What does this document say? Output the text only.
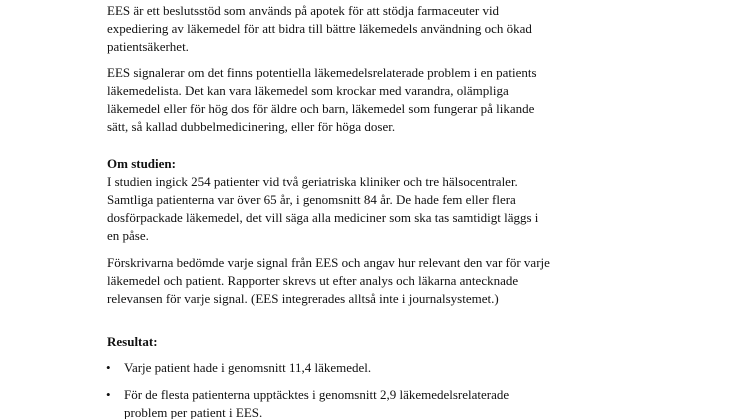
EES är ett beslutsstöd som används på apotek för att stödja farmaceuter vid
expediering av läkemedel för att bidra till bättre läkemedels användning och ökad
patientsäkerhet.
EES signalerar om det finns potentiella läkemedelsrelaterade problem i en patients
läkemedelista. Det kan vara läkemedel som krockar med varandra, olämpliga
läkemedel eller för hög dos för äldre och barn, läkemedel som fungerar på likande
sätt, så kallad dubbelmedicinering, eller för höga doser.
Om studien:
I studien ingick 254 patienter vid två geriatriska kliniker och tre hälsocentraler.
Samtliga patienterna var över 65 år, i genomsnitt 84 år. De hade fem eller flera
dosförpackade läkemedel, det vill säga alla mediciner som ska tas samtidigt läggs i
en påse.
Förskrivarna bedömde varje signal från EES och angav hur relevant den var för varje
läkemedel och patient. Rapporter skrevs ut efter analys och läkarna antecknade
relevansen för varje signal. (EES integrerades alltså inte i journalsystemet.)
Resultat:
• Varje patient hade i genomsnitt 11,4 läkemedel.
• För de flesta patienterna upptäcktes i genomsnitt 2,9 läkemedelsrelaterade
problem per patient i EES.
